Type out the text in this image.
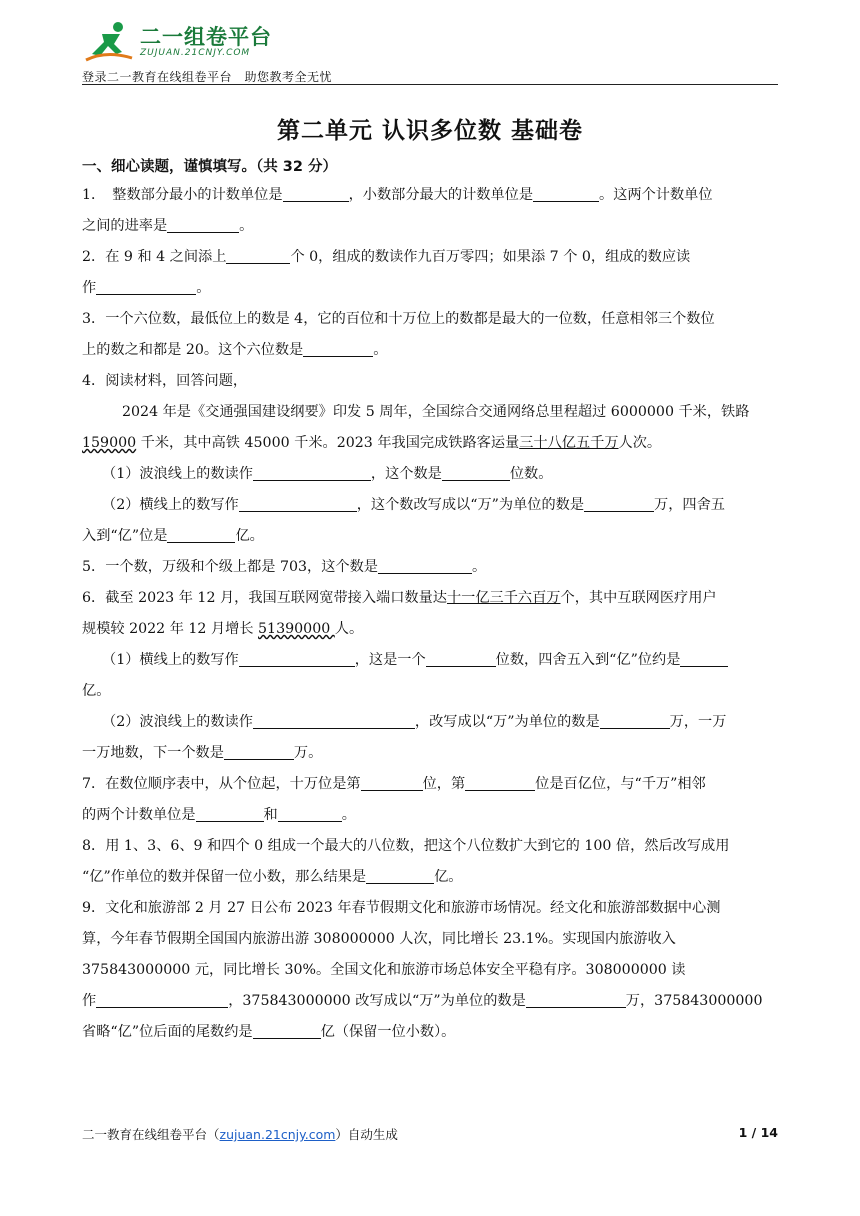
二一组卷平台
ZUJUAN.21CNJY.COM
登录二一教育在线组卷平台　助您教考全无忧
第二单元 认识多位数 基础卷
一、细心读题，谨慎填写。（共 32 分）

1．　整数部分最小的计数单位是	，小数部分最大的计数单位是	。这两个计数单位
之间的进率是	。

2．在 9 和 4 之间添上	个 0，组成的数读作九百万零四；如果添 7 个 0，组成的数应读
作	。

3．一个六位数，最低位上的数是 4，它的百位和十万位上的数都是最大的一位数，任意相邻三个数位
上的数之和都是 20。这个六位数是	。

4．阅读材料，回答问题，
2024 年是《交通强国建设纲要》印发 5 周年，全国综合交通网络总里程超过 6000000 千米，铁路
159000 千米，其中高铁 45000 千米。2023 年我国完成铁路客运量三十八亿五千万人次。
（1）波浪线上的数读作	，这个数是	位数。
（2）横线上的数写作	，这个数改写成以“万”为单位的数是	万，四舍五
入到“亿”位是	亿。

5．一个数，万级和个级上都是 703，这个数是	。

6．截至 2023 年 12 月，我国互联网宽带接入端口数量达十一亿三千六百万个，其中互联网医疗用户
规模较 2022 年 12 月增长 51390000 人。
（1）横线上的数写作	，这是一个	位数，四舍五入到“亿”位约是
亿。
（2）波浪线上的数读作	，改写成以“万”为单位的数是	万，一万
一万地数，下一个数是	万。

7．在数位顺序表中，从个位起，十万位是第	位，第	位是百亿位，与“千万”相邻
的两个计数单位是	和	。

8．用 1、3、6、9 和四个 0 组成一个最大的八位数，把这个八位数扩大到它的 100 倍，然后改写成用
“亿”作单位的数并保留一位小数，那么结果是	亿。

9．文化和旅游部 2 月 27 日公布 2023 年春节假期文化和旅游市场情况。经文化和旅游部数据中心测
算，今年春节假期全国国内旅游出游 308000000 人次，同比增长 23.1%。实现国内旅游收入
375843000000 元，同比增长 30%。全国文化和旅游市场总体安全平稳有序。308000000 读
作	，375843000000 改写成以“万”为单位的数是	万，375843000000
省略“亿”位后面的尾数约是	亿（保留一位小数）。

二一教育在线组卷平台（zujuan.21cnjy.com）自动生成	1 / 14
